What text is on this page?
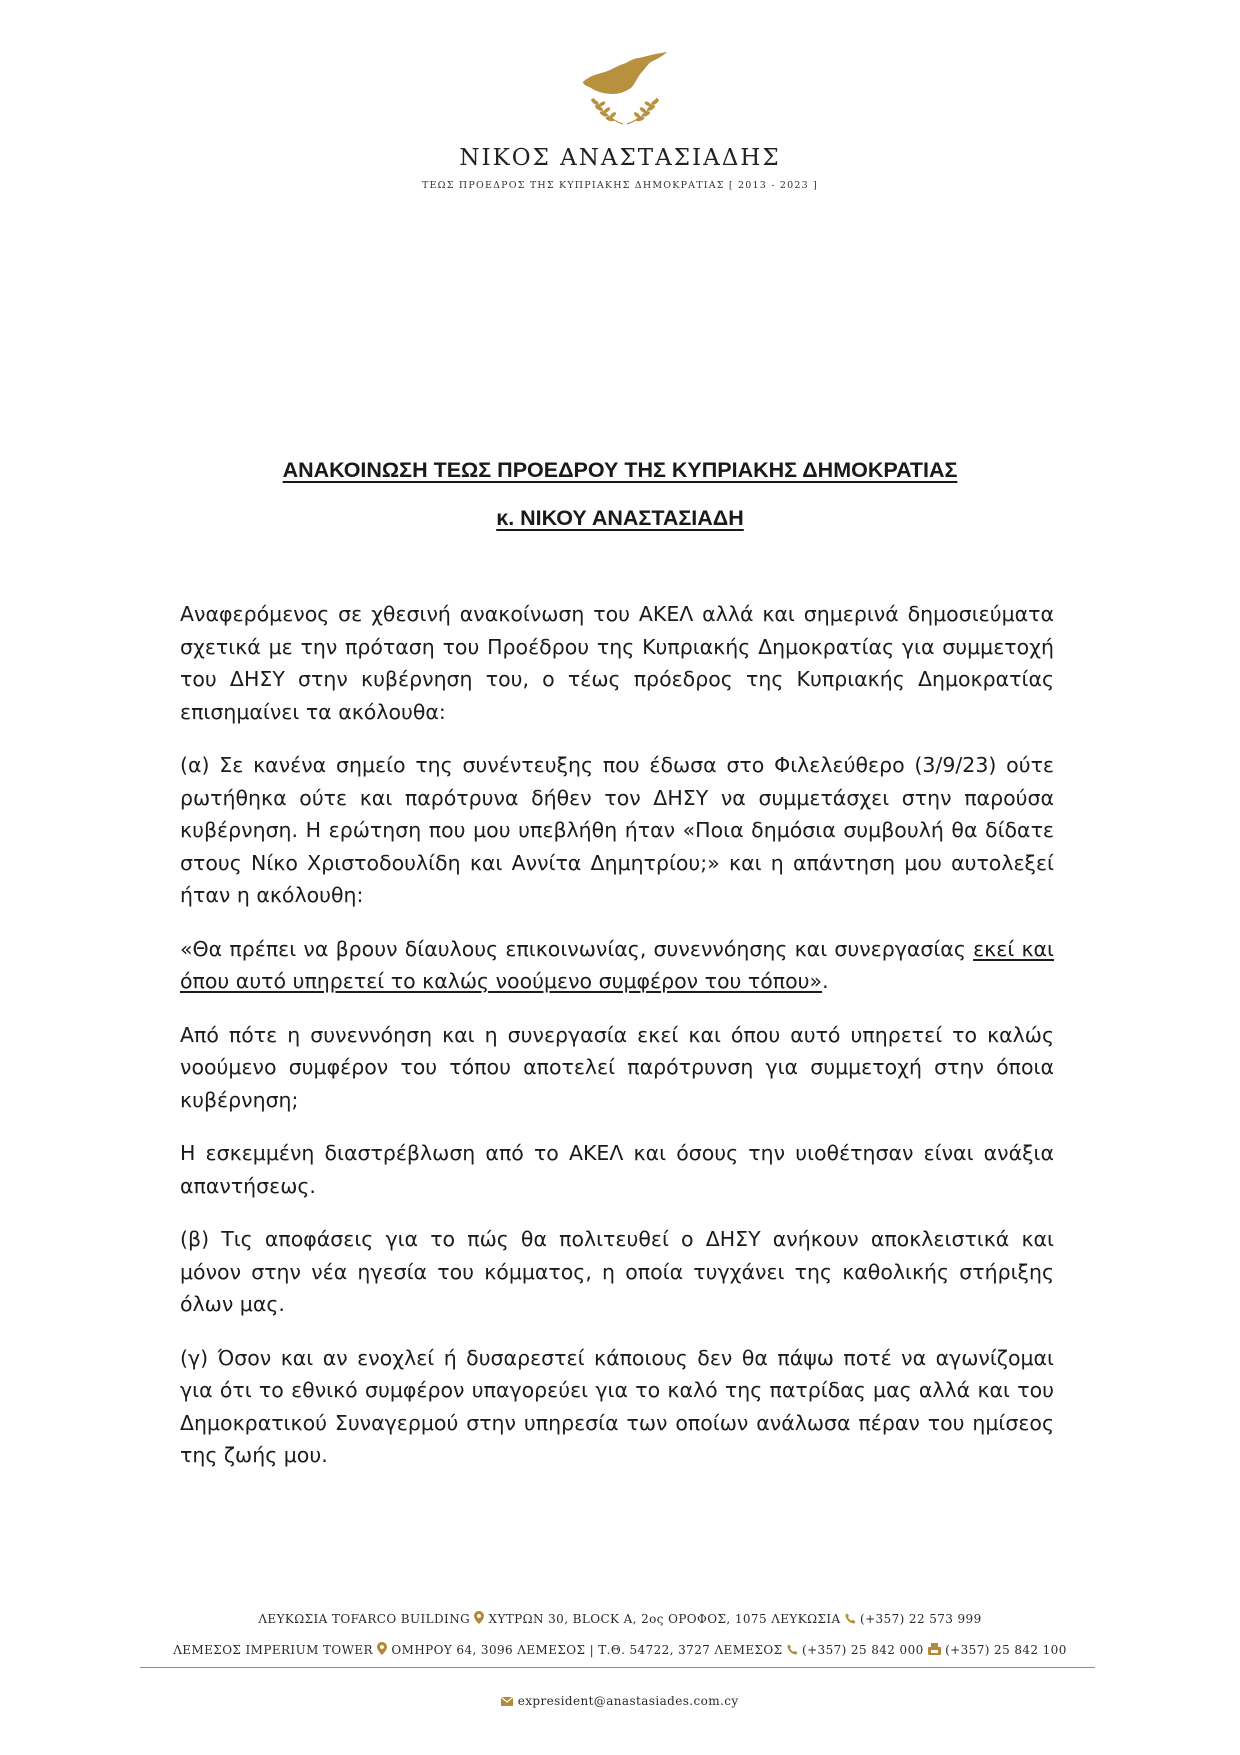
ΝΙΚΟΣ ΑΝΑΣΤΑΣΙΑΔΗΣ
ΤΕΩΣ ΠΡΟΕΔΡΟΣ ΤΗΣ ΚΥΠΡΙΑΚΗΣ ΔΗΜΟΚΡΑΤΙΑΣ [ 2013 - 2023 ]
ΑΝΑΚΟΙΝΩΣΗ ΤΕΩΣ ΠΡΟΕΔΡΟΥ ΤΗΣ ΚΥΠΡΙΑΚΗΣ ΔΗΜΟΚΡΑΤΙΑΣ
κ. ΝΙΚΟΥ ΑΝΑΣΤΑΣΙΑΔΗ

Αναφερόμενος σε χθεσινή ανακοίνωση του ΑΚΕΛ αλλά και σημερινά δημοσιεύματα σχετικά με την πρόταση του Προέδρου της Κυπριακής Δημοκρατίας για συμμετοχή του ΔΗΣΥ στην κυβέρνηση του, ο τέως πρόεδρος της Κυπριακής Δημοκρατίας επισημαίνει τα ακόλουθα:

(α) Σε κανένα σημείο της συνέντευξης που έδωσα στο Φιλελεύθερο (3/9/23) ούτε ρωτήθηκα ούτε και παρότρυνα δήθεν τον ΔΗΣΥ να συμμετάσχει στην παρούσα κυβέρνηση. Η ερώτηση που μου υπεβλήθη ήταν «Ποια δημόσια συμβουλή θα δίδατε στους Νίκο Χριστοδουλίδη και Αννίτα Δημητρίου;» και η απάντηση μου αυτολεξεί ήταν η ακόλουθη:

«Θα πρέπει να βρουν δίαυλους επικοινωνίας, συνεννόησης και συνεργασίας εκεί και όπου αυτό υπηρετεί το καλώς νοούμενο συμφέρον του τόπου».

Από πότε η συνεννόηση και η συνεργασία εκεί και όπου αυτό υπηρετεί το καλώς νοούμενο συμφέρον του τόπου αποτελεί παρότρυνση για συμμετοχή στην όποια κυβέρνηση;

Η εσκεμμένη διαστρέβλωση από το ΑΚΕΛ και όσους την υιοθέτησαν είναι ανάξια απαντήσεως.

(β) Τις αποφάσεις για το πώς θα πολιτευθεί ο ΔΗΣΥ ανήκουν αποκλειστικά και μόνον στην νέα ηγεσία του κόμματος, η οποία τυγχάνει της καθολικής στήριξης όλων μας.

(γ) Όσον και αν ενοχλεί ή δυσαρεστεί κάποιους δεν θα πάψω ποτέ να αγωνίζομαι για ότι το εθνικό συμφέρον υπαγορεύει για το καλό της πατρίδας μας αλλά και του Δημοκρατικού Συναγερμού στην υπηρεσία των οποίων ανάλωσα πέραν του ημίσεος της ζωής μου.

ΛΕΥΚΩΣΙΑ TOFARCO BUILDING ΧΥΤΡΩΝ 30, BLOCK A, 2ος ΟΡΟΦΟΣ, 1075 ΛΕΥΚΩΣΙΑ (+357) 22 573 999
ΛΕΜΕΣΟΣ IMPERIUM TOWER ΟΜΗΡΟΥ 64, 3096 ΛΕΜΕΣΟΣ | Τ.Θ. 54722, 3727 ΛΕΜΕΣΟΣ (+357) 25 842 000 (+357) 25 842 100
expresident@anastasiades.com.cy
